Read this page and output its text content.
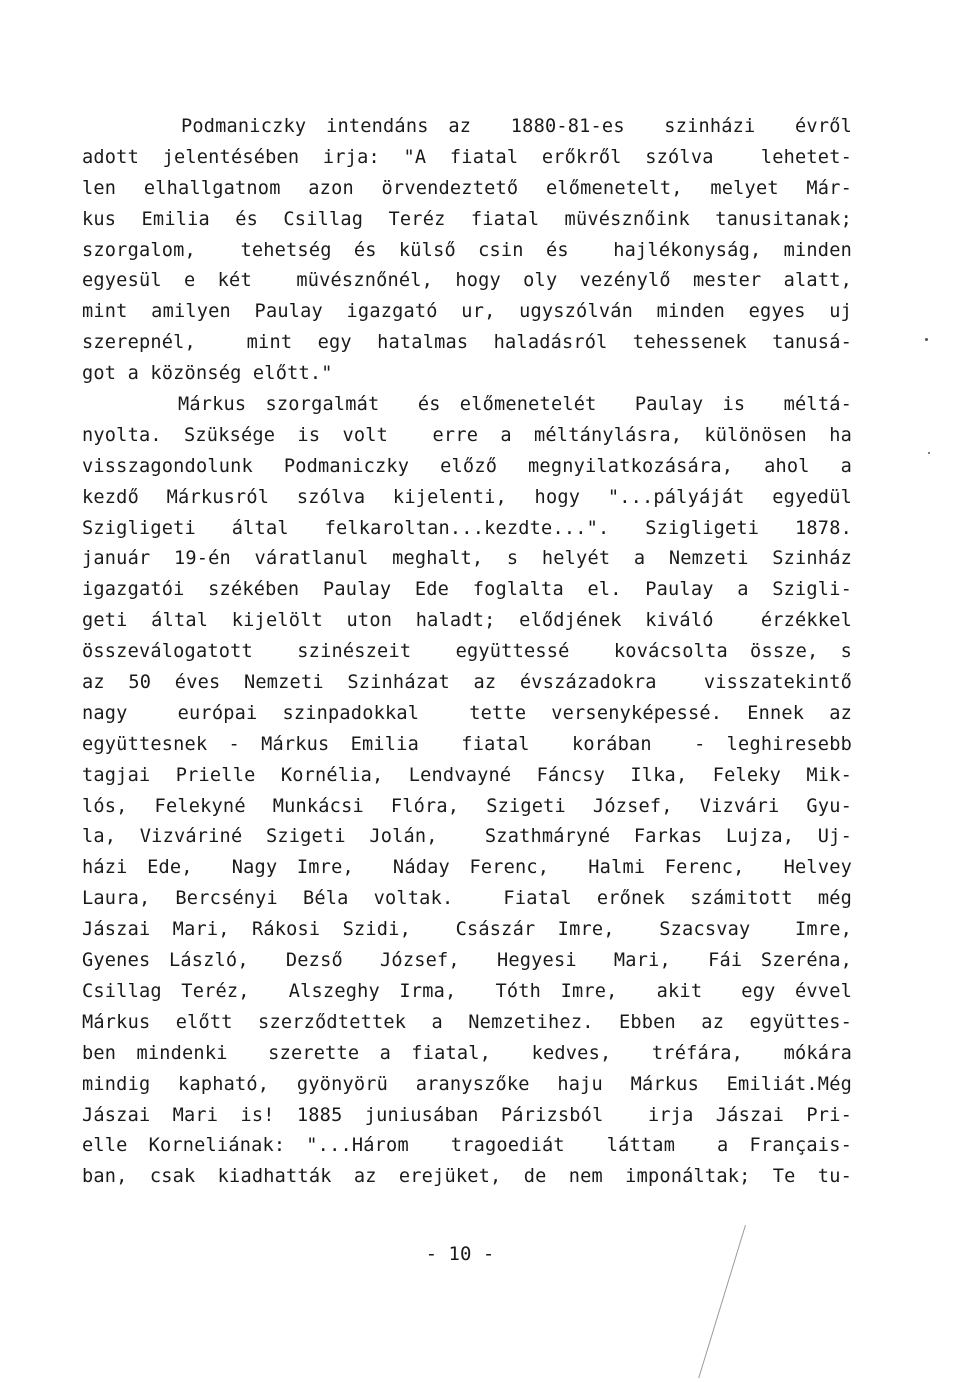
Podmaniczky intendáns az  1880-81-es  szinházi  évről
adott jelentésében irja: "A fiatal erőkről szólva  lehetet-
len elhallgatnom azon örvendeztető előmenetelt, melyet Már-
kus Emilia és Csillag Teréz fiatal müvésznőink tanusitanak;
szorgalom,  tehetség és külső csin és  hajlékonyság, minden
egyesül e két  müvésznőnél, hogy oly vezénylő mester alatt,
mint amilyen Paulay igazgató ur, ugyszólván minden egyes uj
szerepnél,  mint egy hatalmas haladásról tehessenek tanusá-
got a közönség előtt."
Márkus szorgalmát  és előmenetelét  Paulay is  méltá-
nyolta. Szüksége is volt  erre a méltánylásra, különösen ha
visszagondolunk Podmaniczky előző megnyilatkozására, ahol a
kezdő Márkusról szólva kijelenti, hogy "...pályáját egyedül
Szigligeti által felkaroltan...kezdte...". Szigligeti 1878.
január 19-én váratlanul meghalt, s helyét a Nemzeti Szinház
igazgatói székében Paulay Ede foglalta el. Paulay a Szigli-
geti által kijelölt uton haladt; elődjének kiváló  érzékkel
összeválogatott  szinészeit  együttessé  kovácsolta össze, s
az 50 éves Nemzeti Szinházat az évszázadokra  visszatekintő
nagy  európai szinpadokkal  tette versenyképessé. Ennek az
együttesnek - Márkus Emilia  fiatal  korában  - leghiresebb
tagjai Prielle Kornélia, Lendvayné Fáncsy Ilka, Feleky Mik-
lós, Felekyné Munkácsi Flóra, Szigeti József, Vizvári Gyu-
la, Vizváriné Szigeti Jolán,  Szathmáryné Farkas Lujza, Uj-
házi Ede,  Nagy Imre,  Náday Ferenc,  Halmi Ferenc,  Helvey
Laura, Bercsényi Béla voltak.  Fiatal erőnek számitott még
Jászai Mari, Rákosi Szidi,  Császár Imre,  Szacsvay  Imre,
Gyenes László,  Dezső  József,  Hegyesi  Mari,  Fái Szeréna,
Csillag Teréz,  Alszeghy Irma,  Tóth Imre,  akit  egy évvel
Márkus előtt szerződtettek a Nemzetihez. Ebben az együttes-
ben mindenki  szerette a fiatal,  kedves,  tréfára,  mókára
mindig kapható, gyönyörü aranyszőke haju Márkus Emiliát.Még
Jászai Mari is! 1885 juniusában Párizsból  irja Jászai Pri-
elle Korneliának: "...Három  tragoediát  láttam  a Français-
ban, csak kiadhatták az erejüket, de nem imponáltak; Te tu-
- 10 -
